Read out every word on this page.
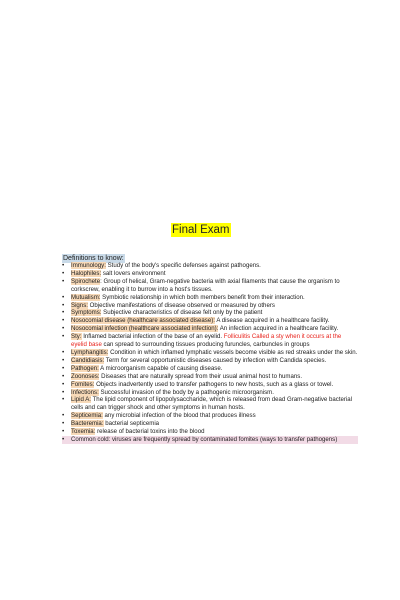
Final Exam
Definitions to know:
• Immunology: Study of the body's specific defenses against pathogens.
• Halophiles: salt lovers environment
• Spirochete: Group of helical, Gram-negative bacteria with axial filaments that cause the organism to corkscrew, enabling it to burrow into a host's tissues.
• Mutualism: Symbiotic relationship in which both members benefit from their interaction.
• Signs: Objective manifestations of disease observed or measured by others
• Symptoms: Subjective characteristics of disease felt only by the patient
• Nosocomial disease (healthcare associated disease): A disease acquired in a healthcare facility.
• Nosocomial infection (healthcare associated infection): An infection acquired in a healthcare facility.
• Sty: Inflamed bacterial infection of the base of an eyelid. Folliculitis Called a sty when it occurs at the eyelid base can spread to surrounding tissues producing furuncles, carbuncles in groups
• Lymphangitis: Condition in which inflamed lymphatic vessels become visible as red streaks under the skin.
• Candidiasis: Term for several opportunistic diseases caused by infection with Candida species.
• Pathogen: A microorganism capable of causing disease.
• Zoonoses: Diseases that are naturally spread from their usual animal host to humans.
• Fomites: Objects inadvertently used to transfer pathogens to new hosts, such as a glass or towel.
• Infections: Successful invasion of the body by a pathogenic microorganism.
• Lipid A: The lipid component of lipopolysaccharide, which is released from dead Gram-negative bacterial cells and can trigger shock and other symptoms in human hosts.
• Septicemia: any microbial infection of the blood that produces illness
• Bacteremia: bacterial septicemia
• Toxemia: release of bacterial toxins into the blood
• Common cold: viruses are frequently spread by contaminated fomites (ways to transfer pathogens)
